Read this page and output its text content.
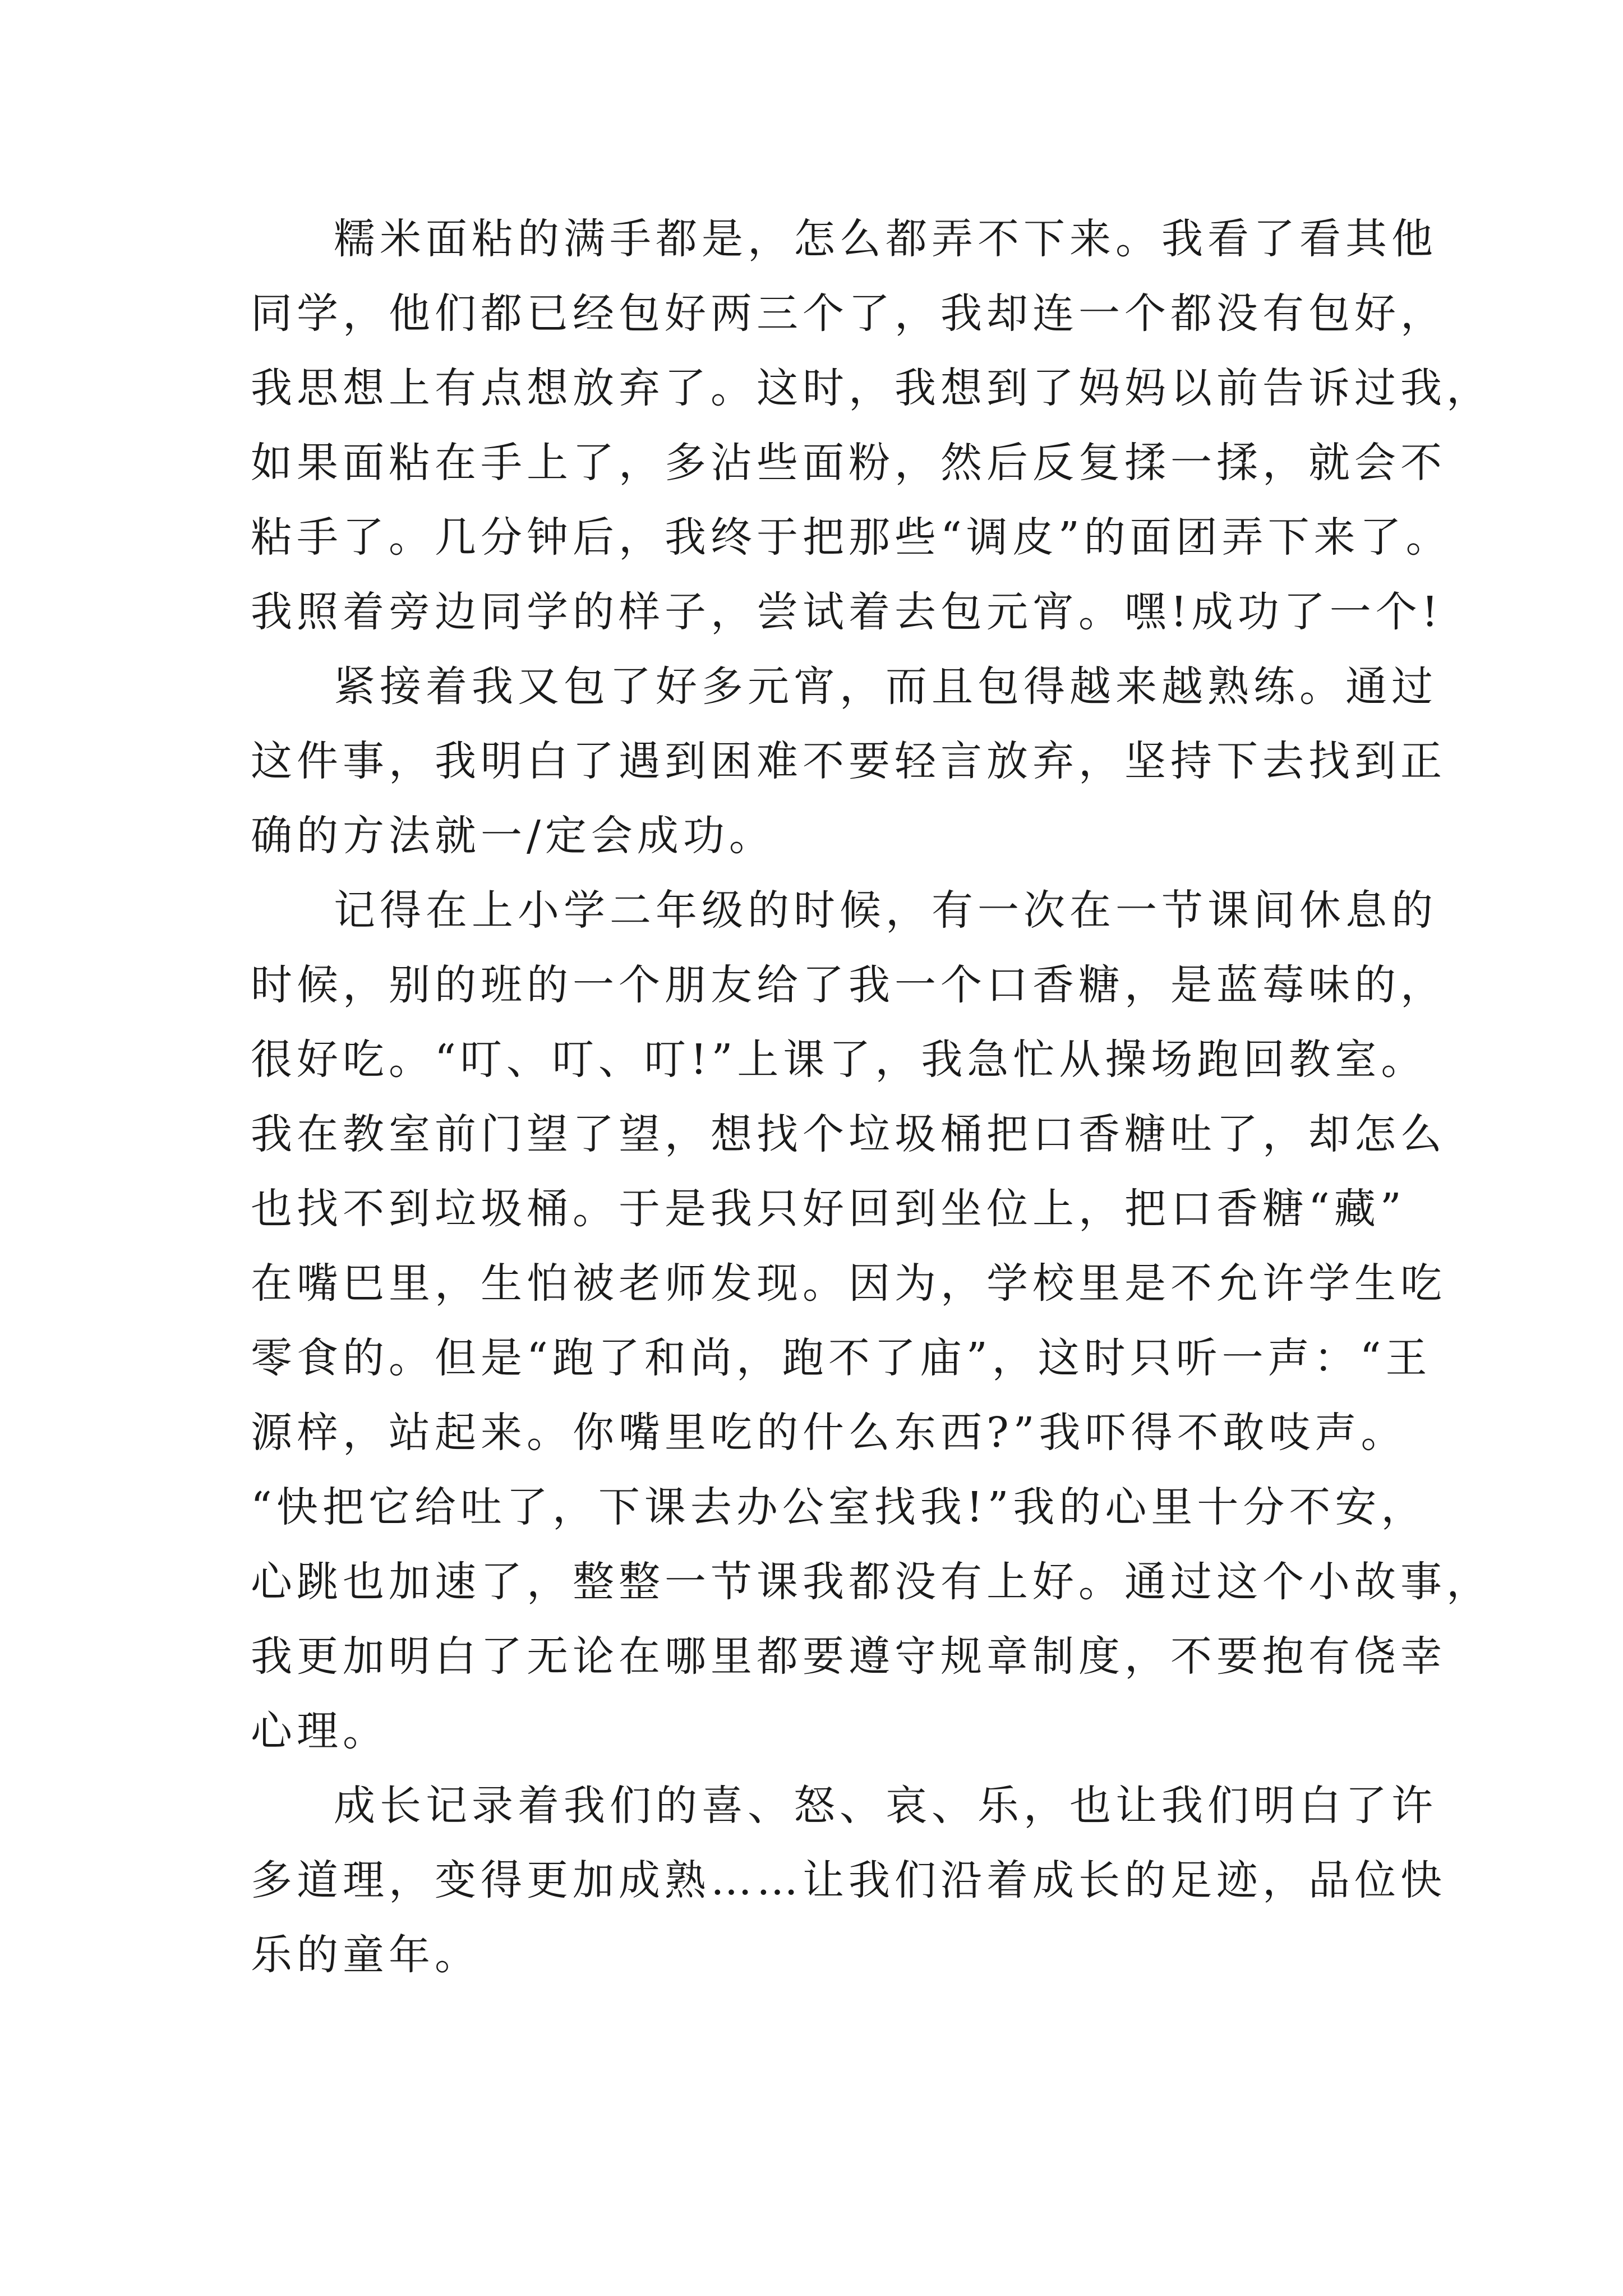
糯米面粘的满手都是，怎么都弄不下来。我看了看其他
同学，他们都已经包好两三个了，我却连一个都没有包好，
我思想上有点想放弃了。这时，我想到了妈妈以前告诉过我，
如果面粘在手上了，多沾些面粉，然后反复揉一揉，就会不
粘手了。几分钟后，我终于把那些“调皮”的面团弄下来了。
我照着旁边同学的样子，尝试着去包元宵。嘿!成功了一个!
紧接着我又包了好多元宵，而且包得越来越熟练。通过
这件事，我明白了遇到困难不要轻言放弃，坚持下去找到正
确的方法就一/定会成功。
记得在上小学二年级的时候，有一次在一节课间休息的
时候，别的班的一个朋友给了我一个口香糖，是蓝莓味的，
很好吃。“叮、叮、叮!”上课了，我急忙从操场跑回教室。
我在教室前门望了望，想找个垃圾桶把口香糖吐了，却怎么
也找不到垃圾桶。于是我只好回到坐位上，把口香糖“藏”
在嘴巴里，生怕被老师发现。因为，学校里是不允许学生吃
零食的。但是“跑了和尚，跑不了庙”，这时只听一声：“王
源梓，站起来。你嘴里吃的什么东西?”我吓得不敢吱声。
“快把它给吐了，下课去办公室找我!”我的心里十分不安，
心跳也加速了，整整一节课我都没有上好。通过这个小故事，
我更加明白了无论在哪里都要遵守规章制度，不要抱有侥幸
心理。
成长记录着我们的喜、怒、哀、乐，也让我们明白了许
多道理，变得更加成熟……让我们沿着成长的足迹，品位快
乐的童年。
